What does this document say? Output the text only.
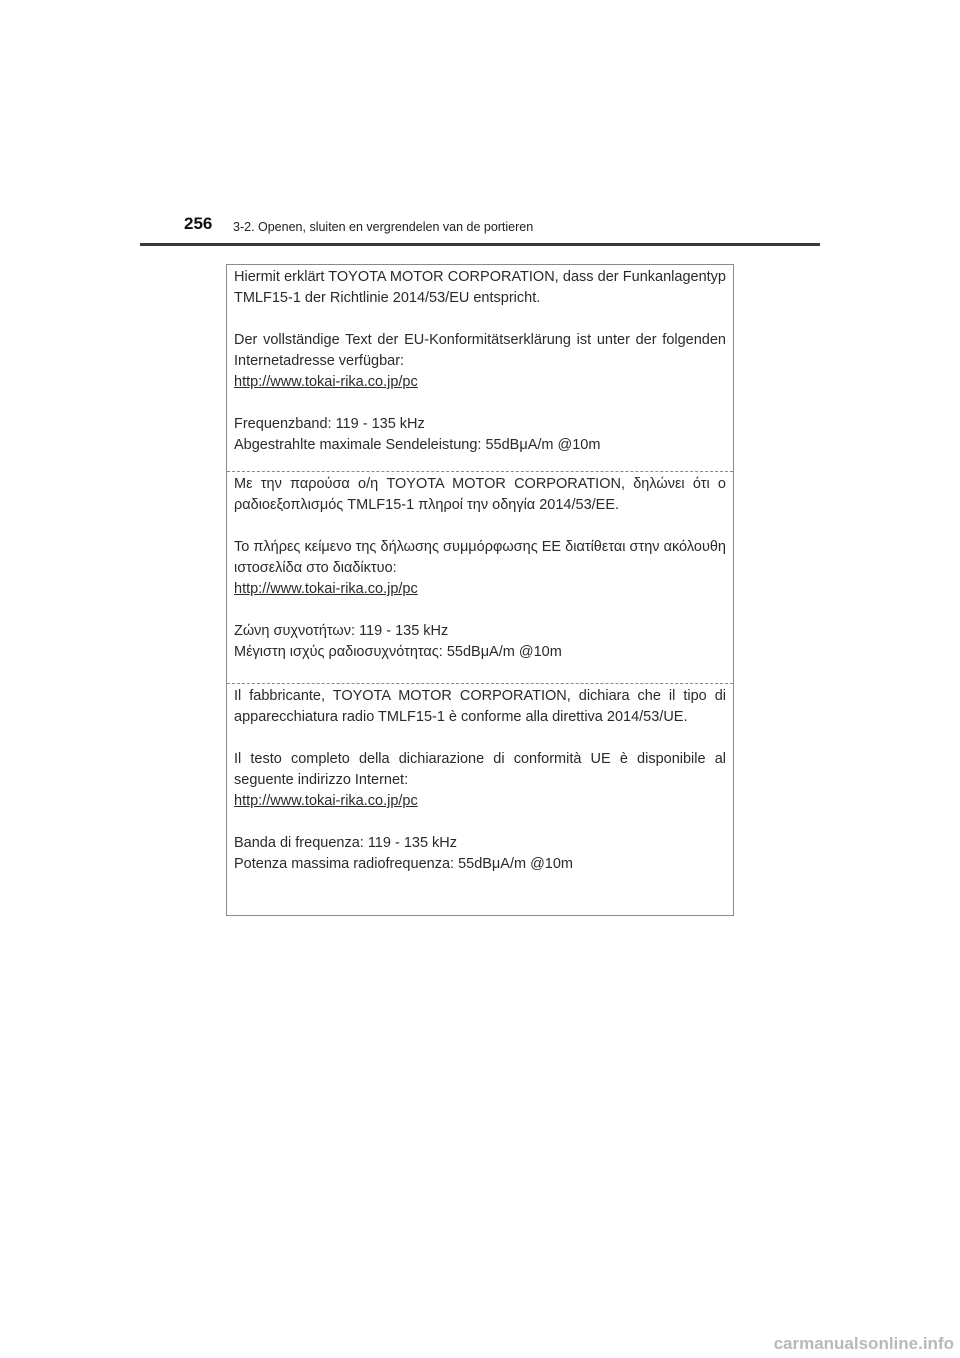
256 3-2. Openen, sluiten en vergrendelen van de portieren

Hiermit erklärt TOYOTA MOTOR CORPORATION, dass der Funkanlagentyp TMLF15-1 der Richtlinie 2014/53/EU entspricht.

Der vollständige Text der EU-Konformitätserklärung ist unter der folgenden Internetadresse verfügbar:

http://www.tokai-rika.co.jp/pc

Frequenzband: 119 - 135 kHz

Abgestrahlte maximale Sendeleistung: 55dBμA/m @10m

Με την παρούσα ο/η TOYOTA MOTOR CORPORATION, δηλώνει ότι ο ραδιοεξοπλισμός TMLF15-1 πληροί την οδηγία 2014/53/ΕΕ.

Το πλήρες κείμενο της δήλωσης συμμόρφωσης ΕΕ διατίθεται στην ακόλουθη ιστοσελίδα στο διαδίκτυο:

http://www.tokai-rika.co.jp/pc

Ζώνη συχνοτήτων: 119 - 135 kHz

Μέγιστη ισχύς ραδιοσυχνότητας: 55dBμA/m @10m

Il fabbricante, TOYOTA MOTOR CORPORATION, dichiara che il tipo di apparecchiatura radio TMLF15-1 è conforme alla direttiva 2014/53/UE.

Il testo completo della dichiarazione di conformità UE è disponibile al seguente indirizzo Internet:

http://www.tokai-rika.co.jp/pc

Banda di frequenza: 119 - 135 kHz

Potenza massima radiofrequenza: 55dBμA/m @10m

carmanualsonline.info
